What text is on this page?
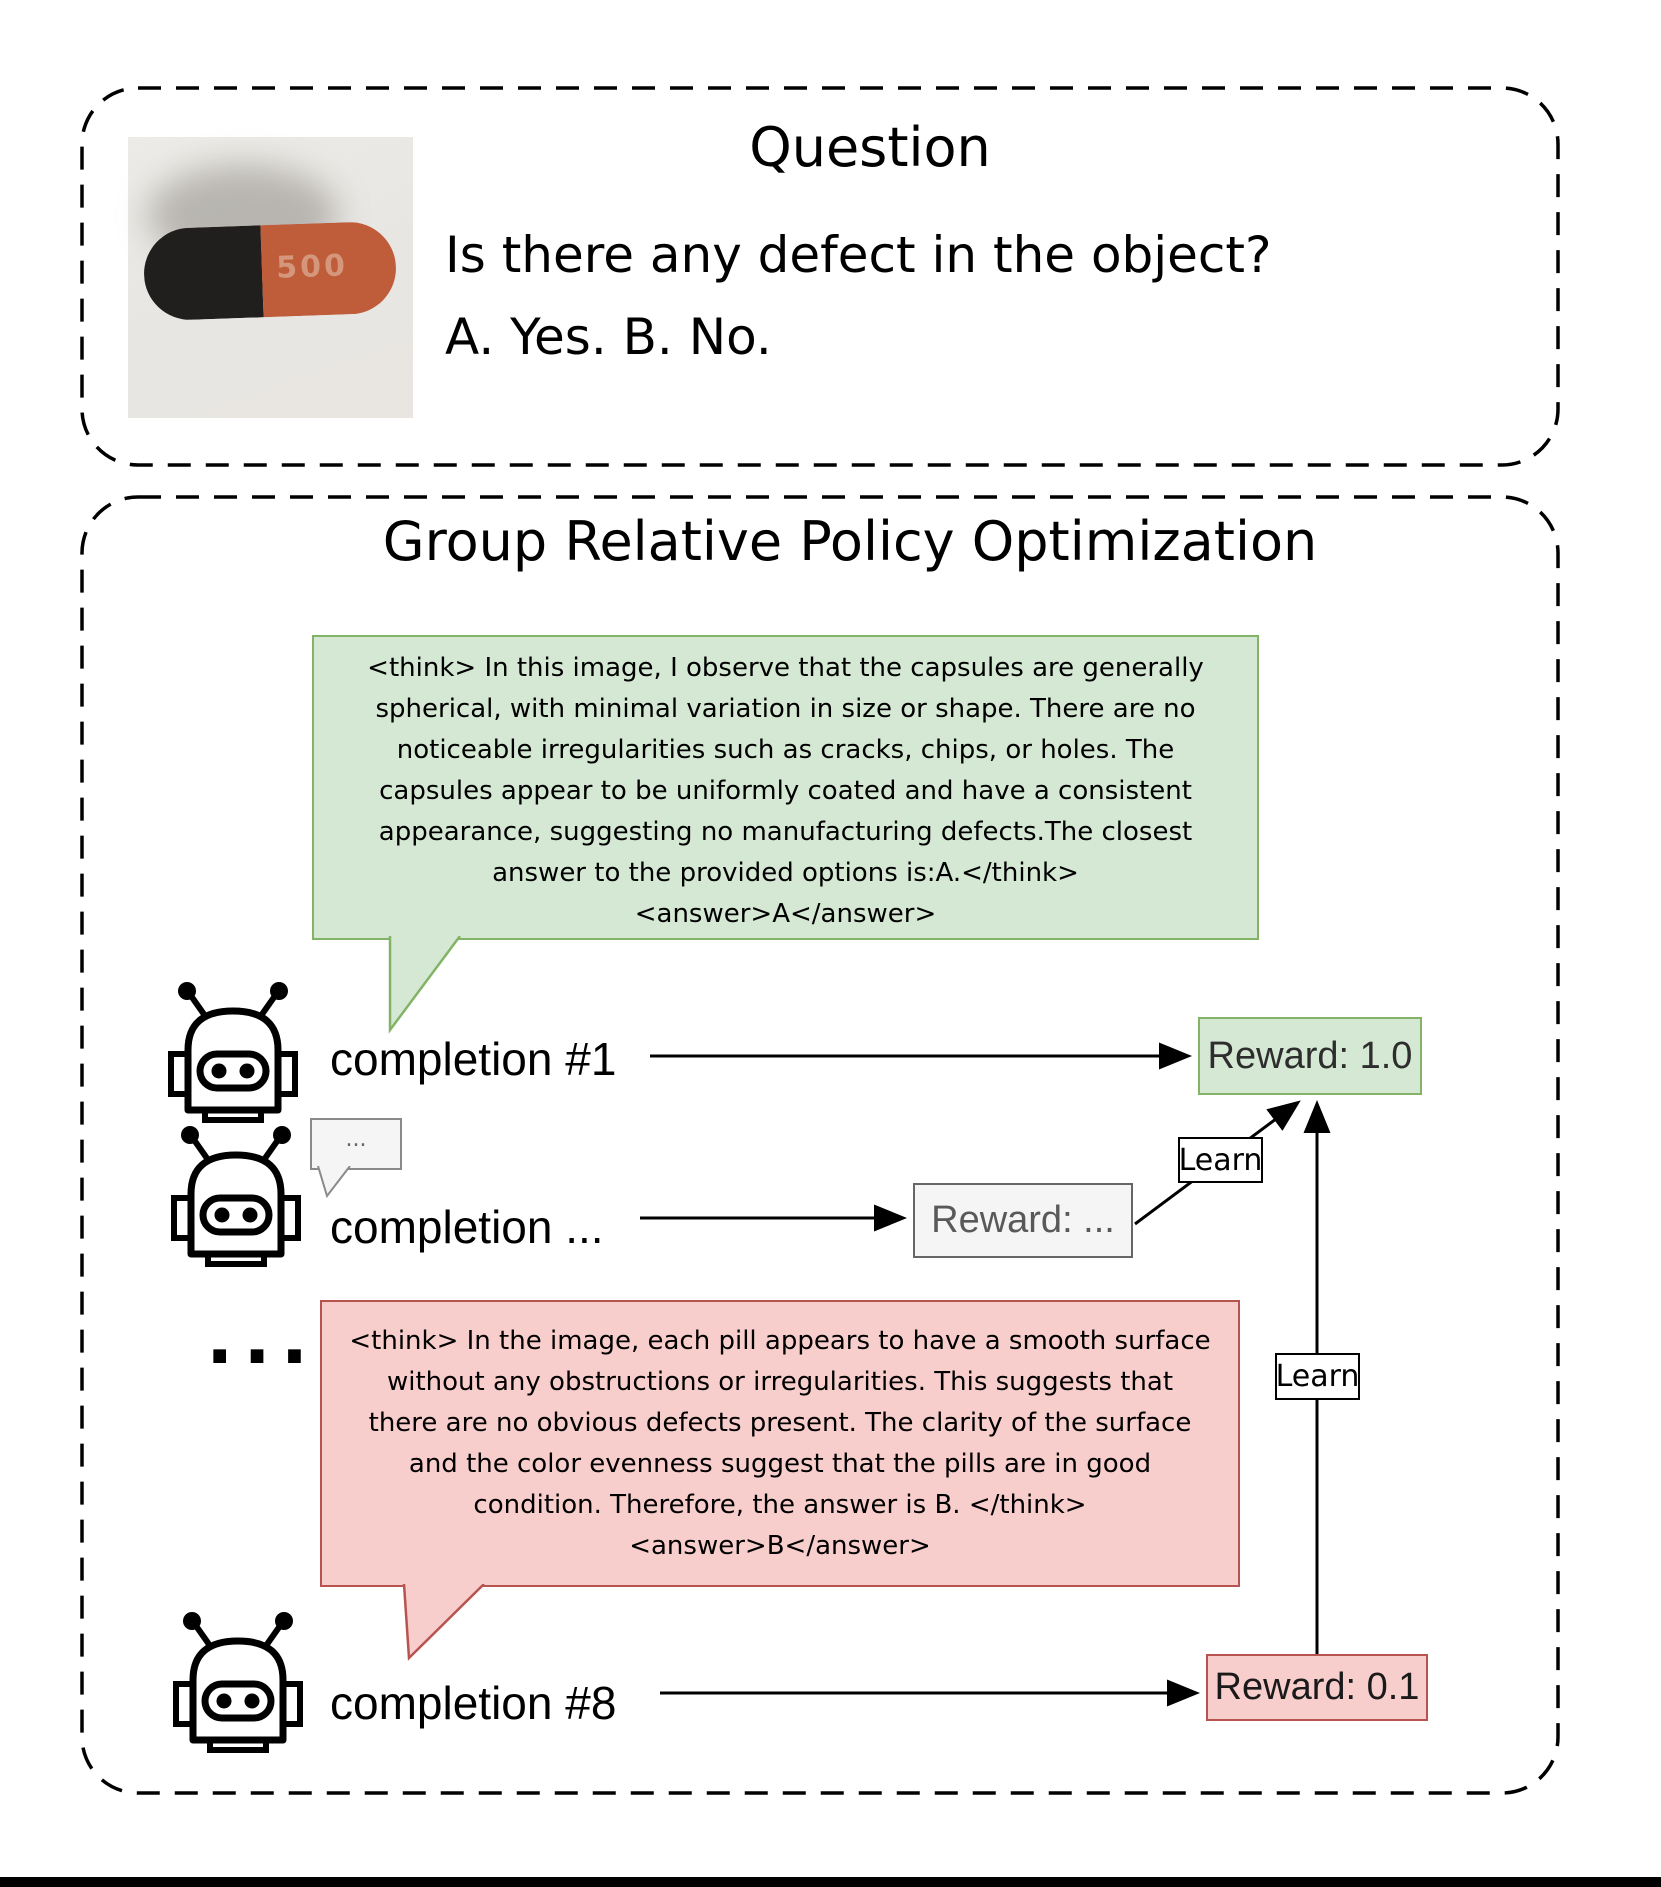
Question
500 Is there any defect in the object?
A. Yes. B. No.
Group Relative Policy Optimization
<think> In this image, I observe that the capsules are generally
spherical, with minimal variation in size or shape. There are no
noticeable irregularities such as cracks, chips, or holes. The
capsules appear to be uniformly coated and have a consistent
appearance, suggesting no manufacturing defects.The closest
answer to the provided options is:A.</think>
<answer>A</answer>
<think> In the image, each pill appears to have a smooth surface
without any obstructions or irregularities. This suggests that
there are no obvious defects present. The clarity of the surface
and the color evenness suggest that the pills are in good
condition. Therefore, the answer is B. </think>
<answer>B</answer>
...
completion #1
completion ...
completion #8
...
Reward: 1.0
Reward: ...
Reward: 0.1
Learn
Learn
